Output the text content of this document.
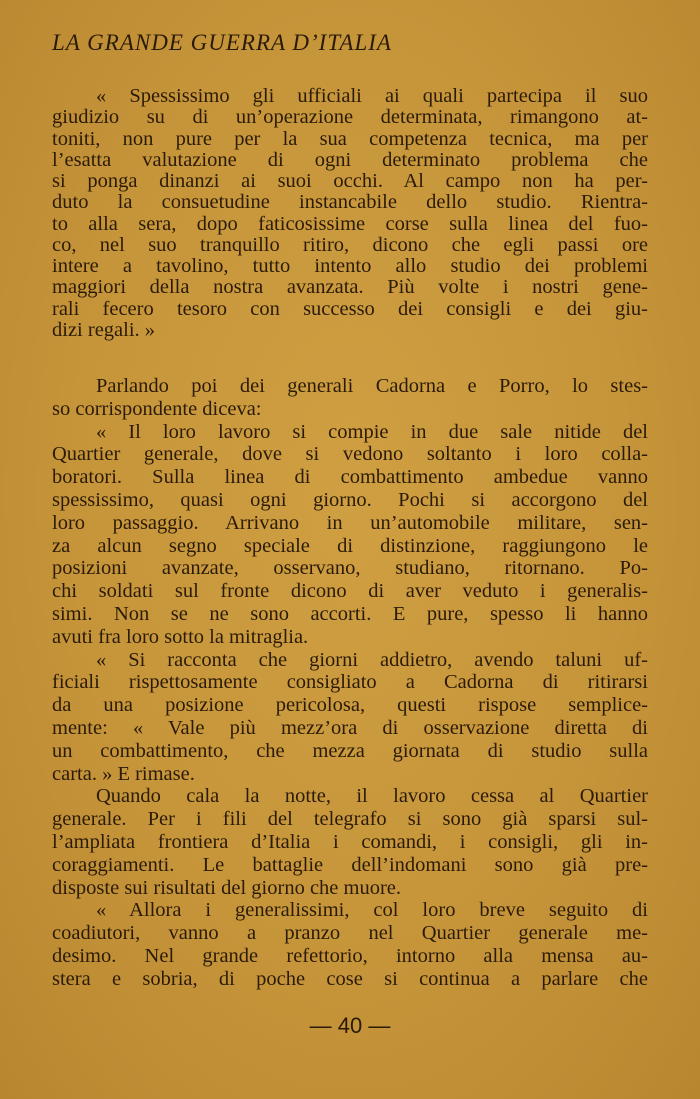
LA GRANDE GUERRA D’ITALIA
« Spessissimo gli ufficiali ai quali partecipa il suo
giudizio su di un’operazione determinata, rimangono at-
toniti, non pure per la sua competenza tecnica, ma per
l’esatta valutazione di ogni determinato problema che
si ponga dinanzi ai suoi occhi. Al campo non ha per-
duto la consuetudine instancabile dello studio. Rientra-
to alla sera, dopo faticosissime corse sulla linea del fuo-
co, nel suo tranquillo ritiro, dicono che egli passi ore
intere a tavolino, tutto intento allo studio dei problemi
maggiori della nostra avanzata. Più volte i nostri gene-
rali fecero tesoro con successo dei consigli e dei giu-
dizi regali. »
Parlando poi dei generali Cadorna e Porro, lo stes-
so corrispondente diceva:
« Il loro lavoro si compie in due sale nitide del
Quartier generale, dove si vedono soltanto i loro colla-
boratori. Sulla linea di combattimento ambedue vanno
spessissimo, quasi ogni giorno. Pochi si accorgono del
loro passaggio. Arrivano in un’automobile militare, sen-
za alcun segno speciale di distinzione, raggiungono le
posizioni avanzate, osservano, studiano, ritornano. Po-
chi soldati sul fronte dicono di aver veduto i generalis-
simi. Non se ne sono accorti. E pure, spesso li hanno
avuti fra loro sotto la mitraglia.
« Si racconta che giorni addietro, avendo taluni uf-
ficiali rispettosamente consigliato a Cadorna di ritirarsi
da una posizione pericolosa, questi rispose semplice-
mente: « Vale più mezz’ora di osservazione diretta di
un combattimento, che mezza giornata di studio sulla
carta. » E rimase.
Quando cala la notte, il lavoro cessa al Quartier
generale. Per i fili del telegrafo si sono già sparsi sul-
l’ampliata frontiera d’Italia i comandi, i consigli, gli in-
coraggiamenti. Le battaglie dell’indomani sono già pre-
disposte sui risultati del giorno che muore.
« Allora i generalissimi, col loro breve seguito di
coadiutori, vanno a pranzo nel Quartier generale me-
desimo. Nel grande refettorio, intorno alla mensa au-
stera e sobria, di poche cose si continua a parlare che
— 40 —
